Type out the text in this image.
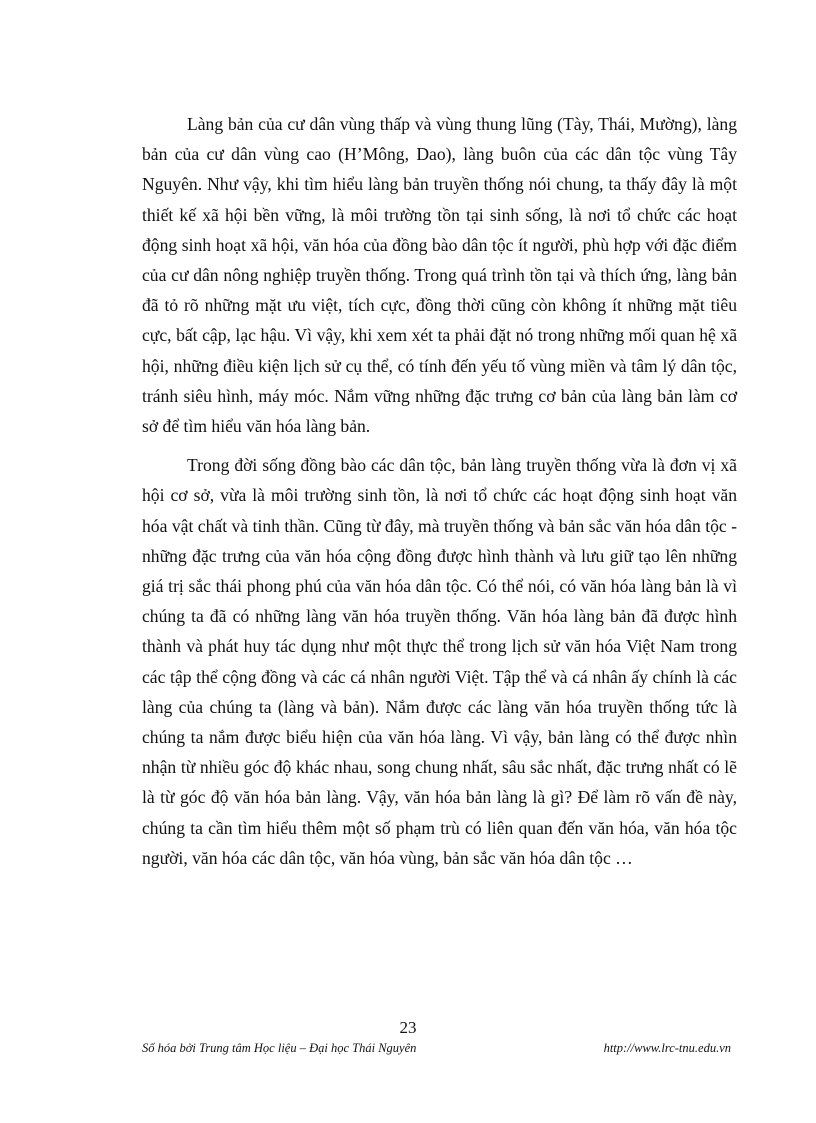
Làng bản của cư dân vùng thấp và vùng thung lũng (Tày, Thái, Mường), làng bản của cư dân vùng cao (H’Mông, Dao), làng buôn của các dân tộc vùng Tây Nguyên. Như vậy, khi tìm hiểu làng bản truyền thống nói chung, ta thấy đây là một thiết kế xã hội bền vững, là môi trường tồn tại sinh sống, là nơi tổ chức các hoạt động sinh hoạt xã hội, văn hóa của đồng bào dân tộc ít người, phù hợp với đặc điểm của cư dân nông nghiệp truyền thống. Trong quá trình tồn tại và thích ứng, làng bản đã tỏ rõ những mặt ưu việt, tích cực, đồng thời cũng còn không ít những mặt tiêu cực, bất cập, lạc hậu. Vì vậy, khi xem xét ta phải đặt nó trong những mối quan hệ xã hội, những điều kiện lịch sử cụ thể, có tính đến yếu tố vùng miền và tâm lý dân tộc, tránh siêu hình, máy móc. Nắm vững những đặc trưng cơ bản của làng bản làm cơ sở để tìm hiểu văn hóa làng bản.

Trong đời sống đồng bào các dân tộc, bản làng truyền thống vừa là đơn vị xã hội cơ sở, vừa là môi trường sinh tồn, là nơi tổ chức các hoạt động sinh hoạt văn hóa vật chất và tinh thần. Cũng từ đây, mà truyền thống và bản sắc văn hóa dân tộc - những đặc trưng của văn hóa cộng đồng được hình thành và lưu giữ tạo lên những giá trị sắc thái phong phú của văn hóa dân tộc. Có thể nói, có văn hóa làng bản là vì chúng ta đã có những làng văn hóa truyền thống. Văn hóa làng bản đã được hình thành và phát huy tác dụng như một thực thể trong lịch sử văn hóa Việt Nam trong các tập thể cộng đồng và các cá nhân người Việt. Tập thể và cá nhân ấy chính là các làng của chúng ta (làng và bản). Nắm được các làng văn hóa truyền thống tức là chúng ta nắm được biểu hiện của văn hóa làng. Vì vậy, bản làng có thể được nhìn nhận từ nhiều góc độ khác nhau, song chung nhất, sâu sắc nhất, đặc trưng nhất có lẽ là từ góc độ văn hóa bản làng. Vậy, văn hóa bản làng là gì? Để làm rõ vấn đề này, chúng ta cần tìm hiểu thêm một số phạm trù có liên quan đến văn hóa, văn hóa tộc người, văn hóa các dân tộc, văn hóa vùng, bản sắc văn hóa dân tộc …

23
Số hóa bởi Trung tâm Học liệu – Đại học Thái Nguyên	http://www.lrc-tnu.edu.vn
